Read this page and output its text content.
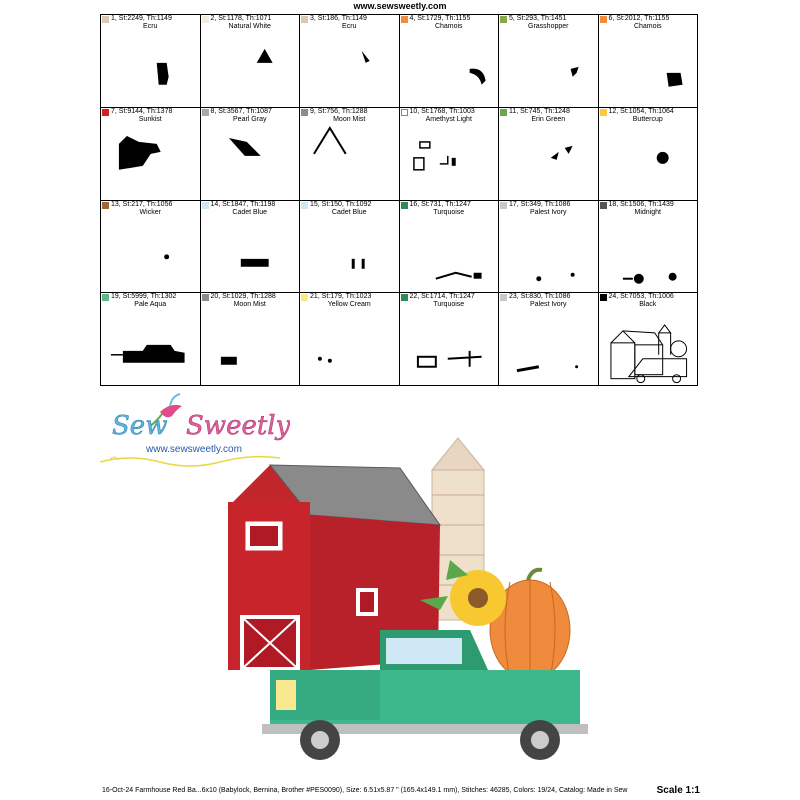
www.sewsweetly.com
1, St:2249, Th:1149
Ecru
2, St:1178, Th:1071
Natural White
3, St:186, Th:1149
Ecru
4, St:1729, Th:1155
Chamois
5, St:293, Th:1451
Grasshopper
6, St:2012, Th:1155
Chamois
7, St:9144, Th:1378
Sunkist
8, St:3567, Th:1087
Pearl Gray
9, St:756, Th:1288
Moon Mist
10, St:1768, Th:1003
Amethyst Light
11, St:745, Th:1248
Erin Green
12, St:1054, Th:1064
Buttercup
13, St:217, Th:1056
Wicker
14, St:1847, Th:1198
Cadet Blue
15, St:150, Th:1092
Cadet Blue
16, St:731, Th:1247
Turquoise
17, St:349, Th:1086
Palest Ivory
18, St:1506, Th:1439
Midnight
19, St:5999, Th:1302
Pale Aqua
20, St:1029, Th:1288
Moon Mist
21, St:179, Th:1023
Yellow Cream
22, St:1714, Th:1247
Turquoise
23, St:830, Th:1086
Palest Ivory
24, St:7053, Th:1006
Black
Sew Sweetly
www.sewsweetly.com
16-Oct-24 Farmhouse Red Ba...6x10 (Babylock, Bernina, Brother #PES0090), Size: 6.51x5.87 " (165.4x149.1 mm), Stitches: 46285, Colors: 19/24, Catalog: Made in Sew	Scale 1:1
